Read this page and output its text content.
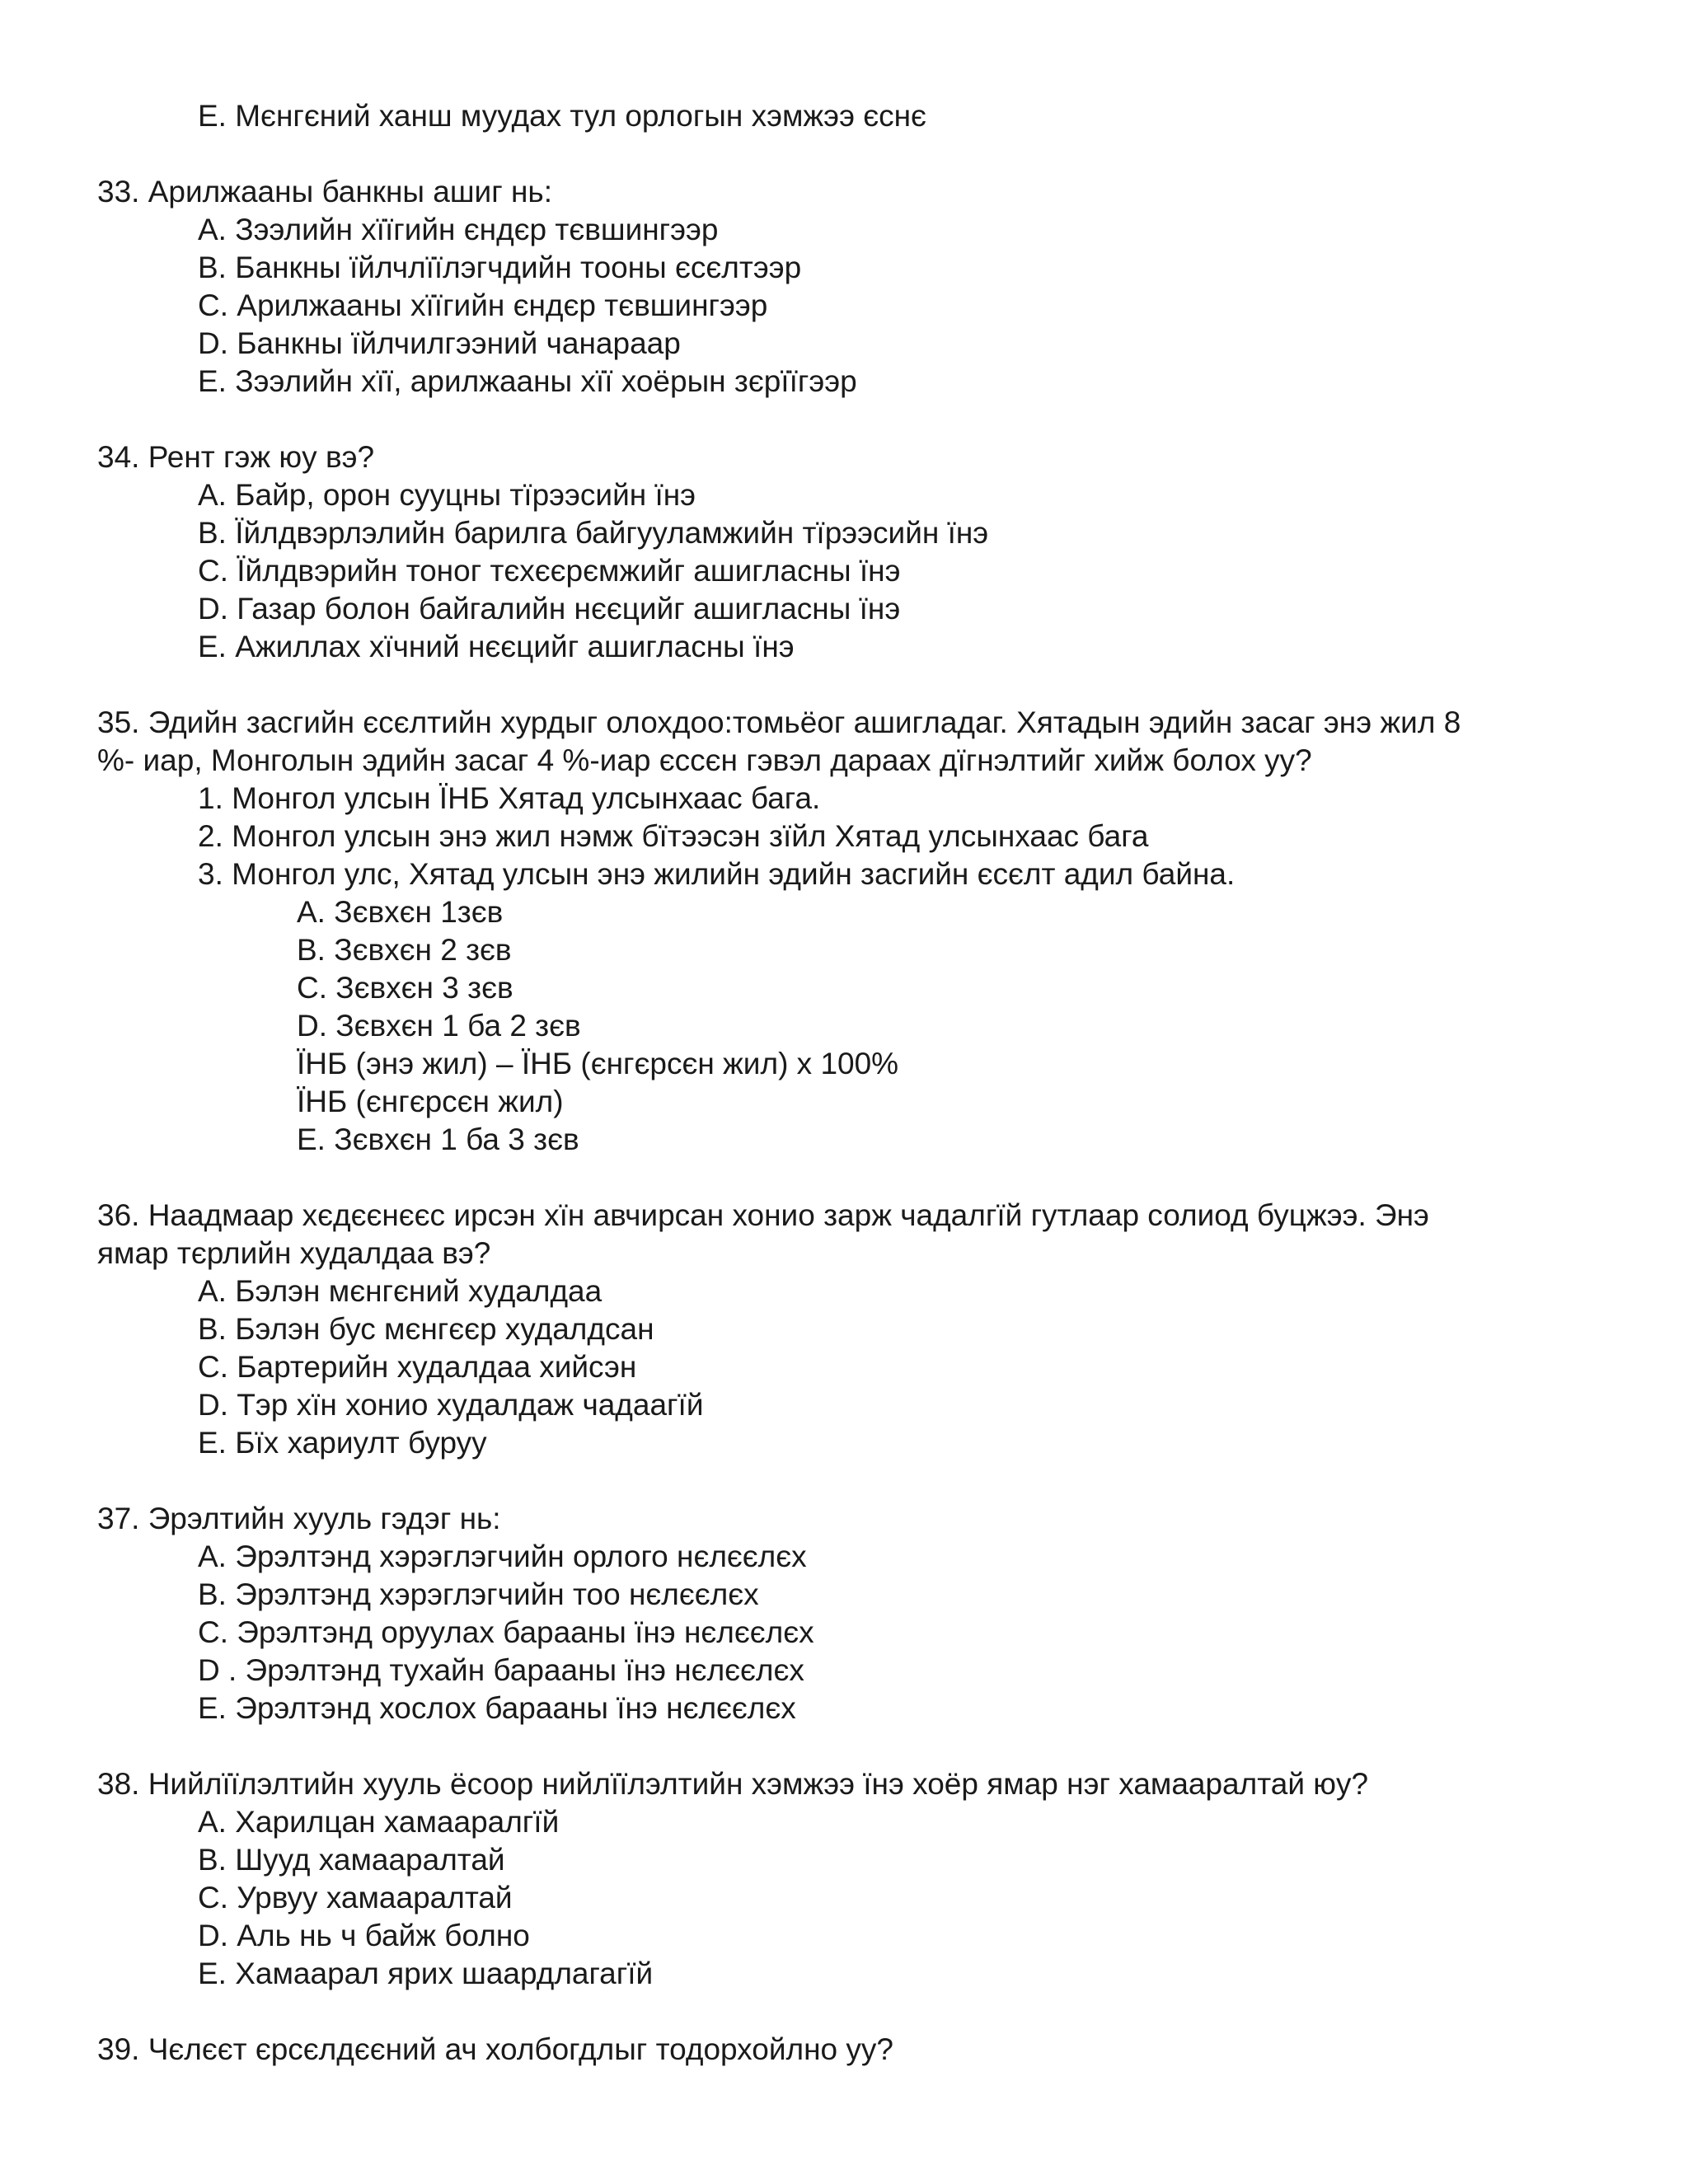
E. Мєнгєний ханш муудах тул орлогын хэмжээ єснє
33. Арилжааны банкны ашиг нь:
A. Зээлийн хїїгийн єндєр тєвшингээр
B. Банкны їйлчлїїлэгчдийн тооны єсєлтээр
C. Арилжааны хїїгийн єндєр тєвшингээр
D. Банкны їйлчилгээний чанараар
E. Зээлийн хїї, арилжааны хїї хоёрын зєрїїгээр
34. Рент гэж юу вэ?
A. Байр, орон сууцны тїрээсийн їнэ
B. Їйлдвэрлэлийн барилга байгууламжийн тїрээсийн їнэ
C. Їйлдвэрийн тоног тєхєєрємжийг ашигласны їнэ
D. Газар болон байгалийн нєєцийг ашигласны їнэ
E. Ажиллах хїчний нєєцийг ашигласны їнэ
35. Эдийн засгийн єсєлтийн хурдыг олохдоо:томьёог ашигладаг. Хятадын эдийн засаг энэ жил 8
%- иар, Монголын эдийн засаг 4 %-иар єссєн гэвэл дараах дїгнэлтийг хийж болох уу?
1. Монгол улсын ЇНБ Хятад улсынхаас бага.
2. Монгол улсын энэ жил нэмж бїтээсэн зїйл Хятад улсынхаас бага
3. Монгол улс, Хятад улсын энэ жилийн эдийн засгийн єсєлт адил байна.
A. Зєвхєн 1зєв
B. Зєвхєн 2 зєв
C. Зєвхєн 3 зєв
D. Зєвхєн 1 ба 2 зєв
ЇНБ (энэ жил) – ЇНБ (єнгєрсєн жил) х 100%
ЇНБ (єнгєрсєн жил)
E. Зєвхєн 1 ба 3 зєв
36. Наадмаар хєдєєнєєс ирсэн хїн авчирсан хонио зарж чадалгїй гутлаар солиод буцжээ. Энэ
ямар тєрлийн худалдаа вэ?
A. Бэлэн мєнгєний худалдаа
B. Бэлэн бус мєнгєєр худалдсан
C. Бартерийн худалдаа хийсэн
D. Тэр хїн хонио худалдаж чадаагїй
E. Бїх хариулт буруу
37. Эрэлтийн хууль гэдэг нь:
A. Эрэлтэнд хэрэглэгчийн орлого нєлєєлєх
B. Эрэлтэнд хэрэглэгчийн тоо нєлєєлєх
C. Эрэлтэнд оруулах барааны їнэ нєлєєлєх
D . Эрэлтэнд тухайн барааны їнэ нєлєєлєх
E. Эрэлтэнд хослох барааны їнэ нєлєєлєх
38. Нийлїїлэлтийн хууль ёсоор нийлїїлэлтийн хэмжээ їнэ хоёр ямар нэг хамааралтай юу?
A. Харилцан хамааралгїй
B. Шууд хамааралтай
C. Урвуу хамааралтай
D. Аль нь ч байж болно
E. Хамаарал ярих шаардлагагїй
39. Чєлєєт єрсєлдєєний ач холбогдлыг тодорхойлно уу?
